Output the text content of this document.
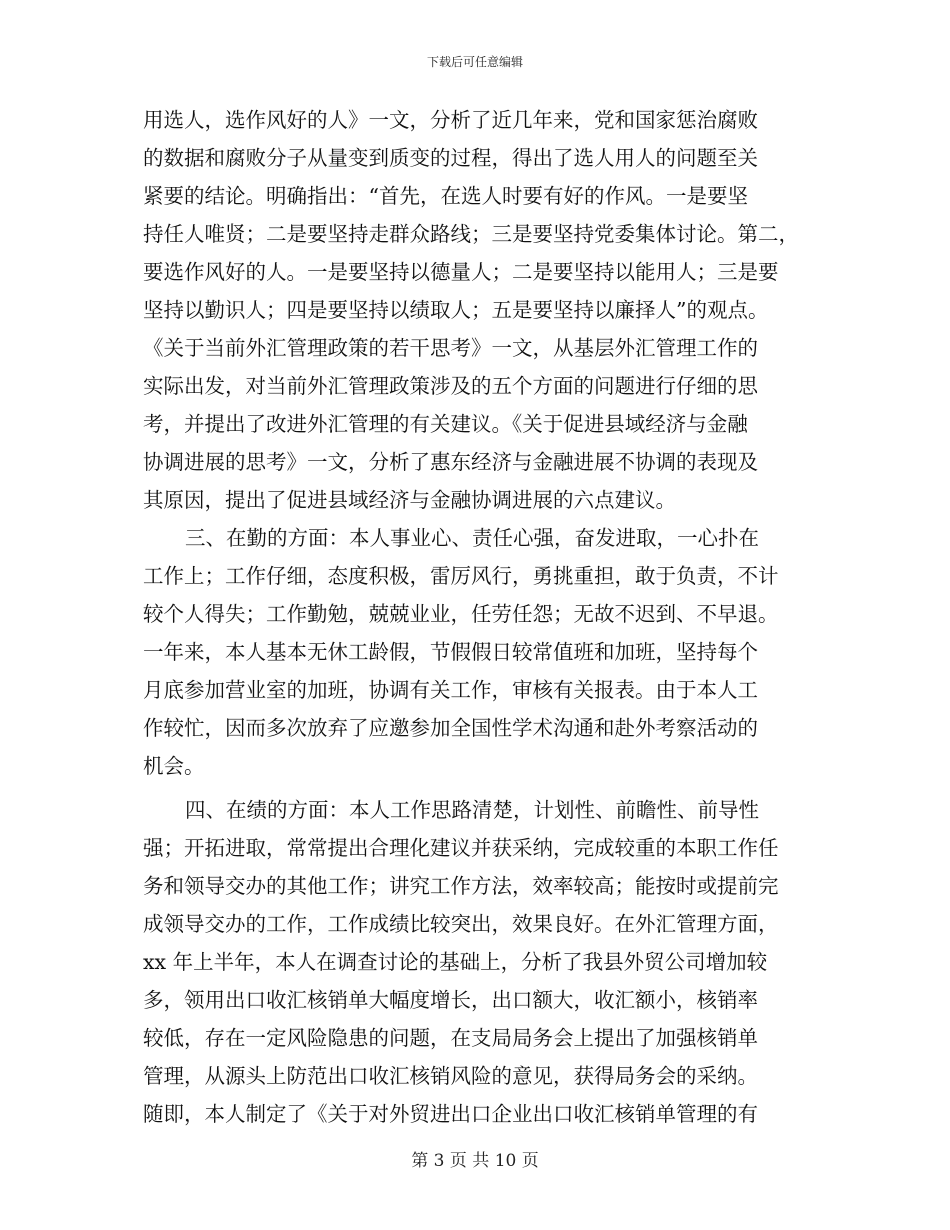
下载后可任意编辑
用选人，选作风好的人》一文，分析了近几年来，党和国家惩治腐败
的数据和腐败分子从量变到质变的过程，得出了选人用人的问题至关
紧要的结论。明确指出：“首先，在选人时要有好的作风。一是要坚
持任人唯贤；二是要坚持走群众路线；三是要坚持党委集体讨论。第二，
要选作风好的人。一是要坚持以德量人；二是要坚持以能用人；三是要
坚持以勤识人；四是要坚持以绩取人；五是要坚持以廉择人”的观点。
《关于当前外汇管理政策的若干思考》一文，从基层外汇管理工作的
实际出发，对当前外汇管理政策涉及的五个方面的问题进行仔细的思
考，并提出了改进外汇管理的有关建议。《关于促进县域经济与金融
协调进展的思考》一文，分析了惠东经济与金融进展不协调的表现及
其原因，提出了促进县域经济与金融协调进展的六点建议。
三、在勤的方面：本人事业心、责任心强，奋发进取，一心扑在
工作上；工作仔细，态度积极，雷厉风行，勇挑重担，敢于负责，不计
较个人得失；工作勤勉，兢兢业业，任劳任怨；无故不迟到、不早退。
一年来，本人基本无休工龄假，节假假日较常值班和加班，坚持每个
月底参加营业室的加班，协调有关工作，审核有关报表。由于本人工
作较忙，因而多次放弃了应邀参加全国性学术沟通和赴外考察活动的
机会。
四、在绩的方面：本人工作思路清楚，计划性、前瞻性、前导性
强；开拓进取，常常提出合理化建议并获采纳，完成较重的本职工作任
务和领导交办的其他工作；讲究工作方法，效率较高；能按时或提前完
成领导交办的工作，工作成绩比较突出，效果良好。在外汇管理方面，
xx 年上半年，本人在调查讨论的基础上，分析了我县外贸公司增加较
多，领用出口收汇核销单大幅度增长，出口额大，收汇额小，核销率
较低，存在一定风险隐患的问题，在支局局务会上提出了加强核销单
管理，从源头上防范出口收汇核销风险的意见，获得局务会的采纳。
随即，本人制定了《关于对外贸进出口企业出口收汇核销单管理的有
第 3 页 共 10 页
